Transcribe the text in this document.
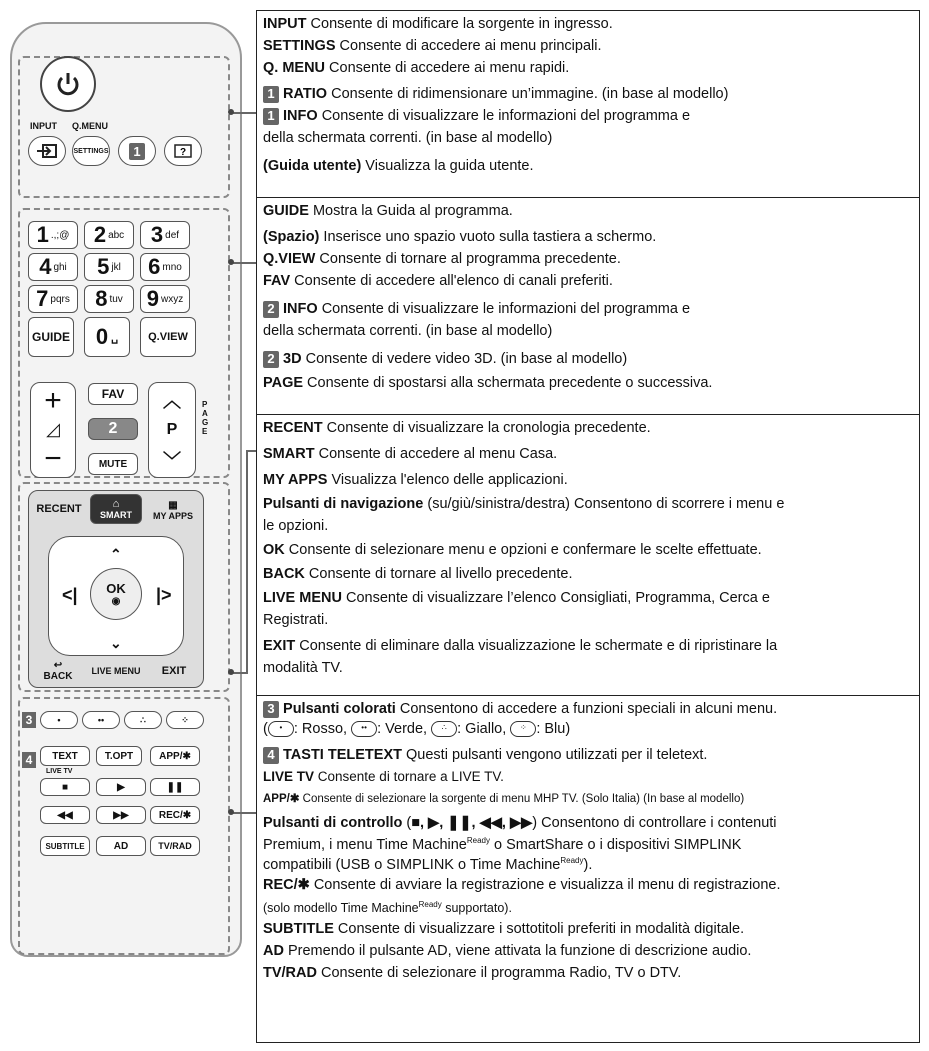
INPUT Q.MENU
SETTINGS	1	?
GUIDE 0 ␣	Q.VIEW
+
◿
−
FAV
2
MUTE
︿
P
﹀
PAGE
RECENT	⌂
SMART
▦
MY APPS
⌃
<|	|>
⌄
OK
◉
↩
BACK	LIVE MENU	EXIT
3	•	••	∴	⁘
4	TEXT	T.OPT	APP/✱
LIVE TV
■	▶	❚❚
◀◀	▶▶	REC/✱
SUBTITLE	AD	TV/RAD
INPUT Consente di modificare la sorgente in ingresso.
SETTINGS Consente di accedere ai menu principali.
Q. MENU Consente di accedere ai menu rapidi.
1 RATIO Consente di ridimensionare un’immagine. (in base al modello)
1 INFO Consente di visualizzare le informazioni del programma e
della schermata correnti. (in base al modello)
(Guida utente) Visualizza la guida utente.
GUIDE Mostra la Guida al programma.
(Spazio) Inserisce uno spazio vuoto sulla tastiera a schermo.
Q.VIEW Consente di tornare al programma precedente.
FAV Consente di accedere all'elenco di canali preferiti.
2 INFO Consente di visualizzare le informazioni del programma e
della schermata correnti. (in base al modello)
2 3D Consente di vedere video 3D. (in base al modello)
PAGE Consente di spostarsi alla schermata precedente o successiva.
RECENT Consente di visualizzare la cronologia precedente.
SMART Consente di accedere al menu Casa.
MY APPS Visualizza l'elenco delle applicazioni.
Pulsanti di navigazione (su/giù/sinistra/destra) Consentono di scorrere i menu e
le opzioni.
OK Consente di selezionare menu e opzioni e confermare le scelte effettuate.
BACK Consente di tornare al livello precedente.
LIVE MENU Consente di visualizzare l’elenco Consigliati, Programma, Cerca e
Registrati.
EXIT Consente di eliminare dalla visualizzazione le schermate e di ripristinare la
modalità TV.
3 Pulsanti colorati Consentono di accedere a funzioni speciali in alcuni menu.
( • : Rosso, •• : Verde, ∴ : Giallo, ⁘ : Blu)
4 TASTI TELETEXT Questi pulsanti vengono utilizzati per il teletext.
LIVE TV Consente di tornare a LIVE TV.
APP/✱ Consente di selezionare la sorgente di menu MHP TV. (Solo Italia) (In base al modello)
Pulsanti di controllo (■, ▶, ❚❚, ◀◀, ▶▶) Consentono di controllare i contenuti
Premium, i menu Time Machine$^{Ready}$ o SmartShare o i dispositivi SIMPLINK
compatibili (USB o SIMPLINK o Time Machine$^{Ready}$).
REC/✱ Consente di avviare la registrazione e visualizza il menu di registrazione.
(solo modello Time Machine$^{Ready}$ supportato).
SUBTITLE Consente di visualizzare i sottotitoli preferiti in modalità digitale.
AD Premendo il pulsante AD, viene attivata la funzione di descrizione audio.
TV/RAD Consente di selezionare il programma Radio, TV o DTV.
1 .,;@ 2 abc 3 def
4 ghi 5 jkl 6 mno
7 pqrs 8 tuv 9 wxyz
